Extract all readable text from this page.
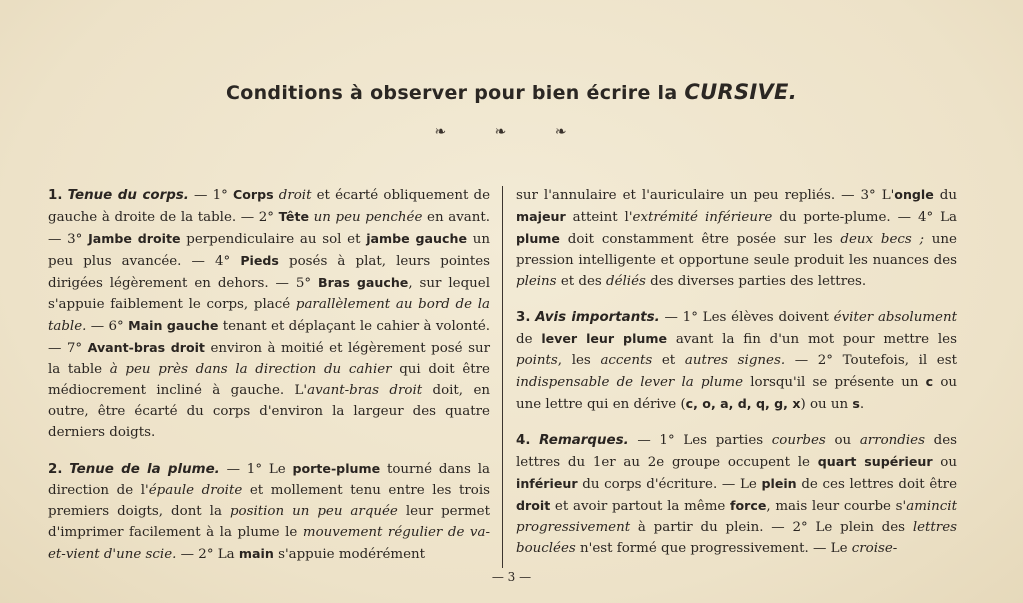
Conditions à observer pour bien écrire la CURSIVE.
❧ ❧ ❧

1. Tenue du corps. — 1° Corps droit et écarté obliquement de gauche à droite de la table. — 2° Tête un peu penchée en avant. — 3° Jambe droite perpendiculaire au sol et jambe gauche un peu plus avancée. — 4° Pieds posés à plat, leurs pointes dirigées légèrement en dehors. — 5° Bras gauche, sur lequel s'appuie faiblement le corps, placé parallèlement au bord de la table. — 6° Main gauche tenant et déplaçant le cahier à volonté. — 7° Avant-bras droit environ à moitié et légèrement posé sur la table à peu près dans la direction du cahier qui doit être médiocrement incliné à gauche. L'avant-bras droit doit, en outre, être écarté du corps d'environ la largeur des quatre derniers doigts.

2. Tenue de la plume. — 1° Le porte-plume tourné dans la direction de l'épaule droite et mollement tenu entre les trois premiers doigts, dont la position un peu arquée leur permet d'imprimer facilement à la plume le mouvement régulier de va-et-vient d'une scie. — 2° La main s'appuie modérément

sur l'annulaire et l'auriculaire un peu repliés. — 3° L'ongle du majeur atteint l'extrémité inférieure du porte-plume. — 4° La plume doit constamment être posée sur les deux becs ; une pression intelligente et opportune seule produit les nuances des pleins et des déliés des diverses parties des lettres.

3. Avis importants. — 1° Les élèves doivent éviter absolument de lever leur plume avant la fin d'un mot pour mettre les points, les accents et autres signes. — 2° Toutefois, il est indispensable de lever la plume lorsqu'il se présente un c ou une lettre qui en dérive (c, o, a, d, q, g, x) ou un s.

4. Remarques. — 1° Les parties courbes ou arrondies des lettres du 1er au 2e groupe occupent le quart supérieur ou inférieur du corps d'écriture. — Le plein de ces lettres doit être droit et avoir partout la même force, mais leur courbe s'amincit progressivement à partir du plein. — 2° Le plein des lettres bouclées n'est formé que progressivement. — Le croise-

— 3 —
